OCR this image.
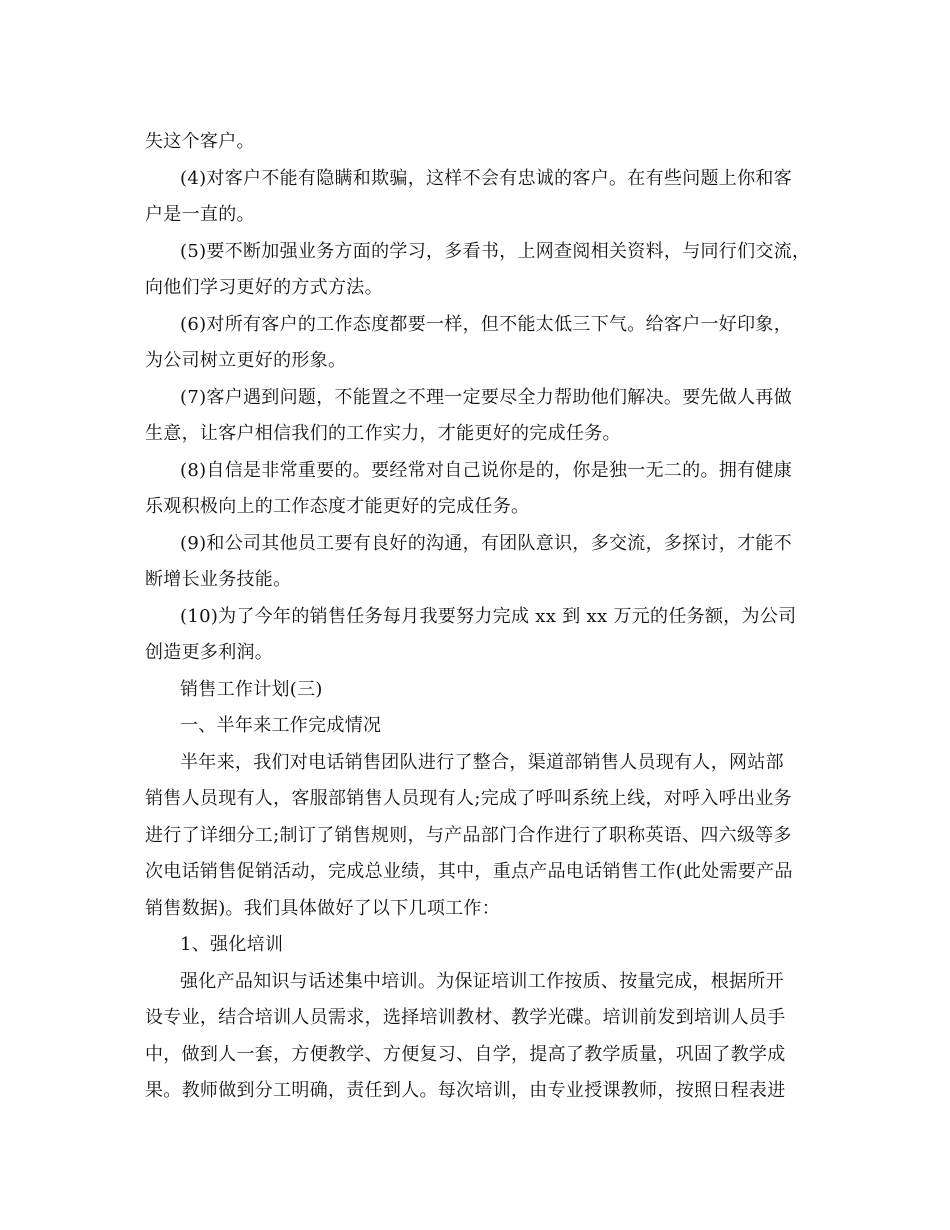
失这个客户。
(4)对客户不能有隐瞒和欺骗，这样不会有忠诚的客户。在有些问题上你和客
户是一直的。
(5)要不断加强业务方面的学习，多看书，上网查阅相关资料，与同行们交流，
向他们学习更好的方式方法。
(6)对所有客户的工作态度都要一样，但不能太低三下气。给客户一好印象，
为公司树立更好的形象。
(7)客户遇到问题，不能置之不理一定要尽全力帮助他们解决。要先做人再做
生意，让客户相信我们的工作实力，才能更好的完成任务。
(8)自信是非常重要的。要经常对自己说你是的，你是独一无二的。拥有健康
乐观积极向上的工作态度才能更好的完成任务。
(9)和公司其他员工要有良好的沟通，有团队意识，多交流，多探讨，才能不
断增长业务技能。
(10)为了今年的销售任务每月我要努力完成 xx 到 xx 万元的任务额，为公司
创造更多利润。
销售工作计划(三)
一、半年来工作完成情况
半年来，我们对电话销售团队进行了整合，渠道部销售人员现有人，网站部
销售人员现有人，客服部销售人员现有人;完成了呼叫系统上线，对呼入呼出业务
进行了详细分工;制订了销售规则，与产品部门合作进行了职称英语、四六级等多
次电话销售促销活动，完成总业绩，其中，重点产品电话销售工作(此处需要产品
销售数据)。我们具体做好了以下几项工作：
1、强化培训
强化产品知识与话述集中培训。为保证培训工作按质、按量完成，根据所开
设专业，结合培训人员需求，选择培训教材、教学光碟。培训前发到培训人员手
中，做到人一套，方便教学、方便复习、自学，提高了教学质量，巩固了教学成
果。教师做到分工明确，责任到人。每次培训，由专业授课教师，按照日程表进
